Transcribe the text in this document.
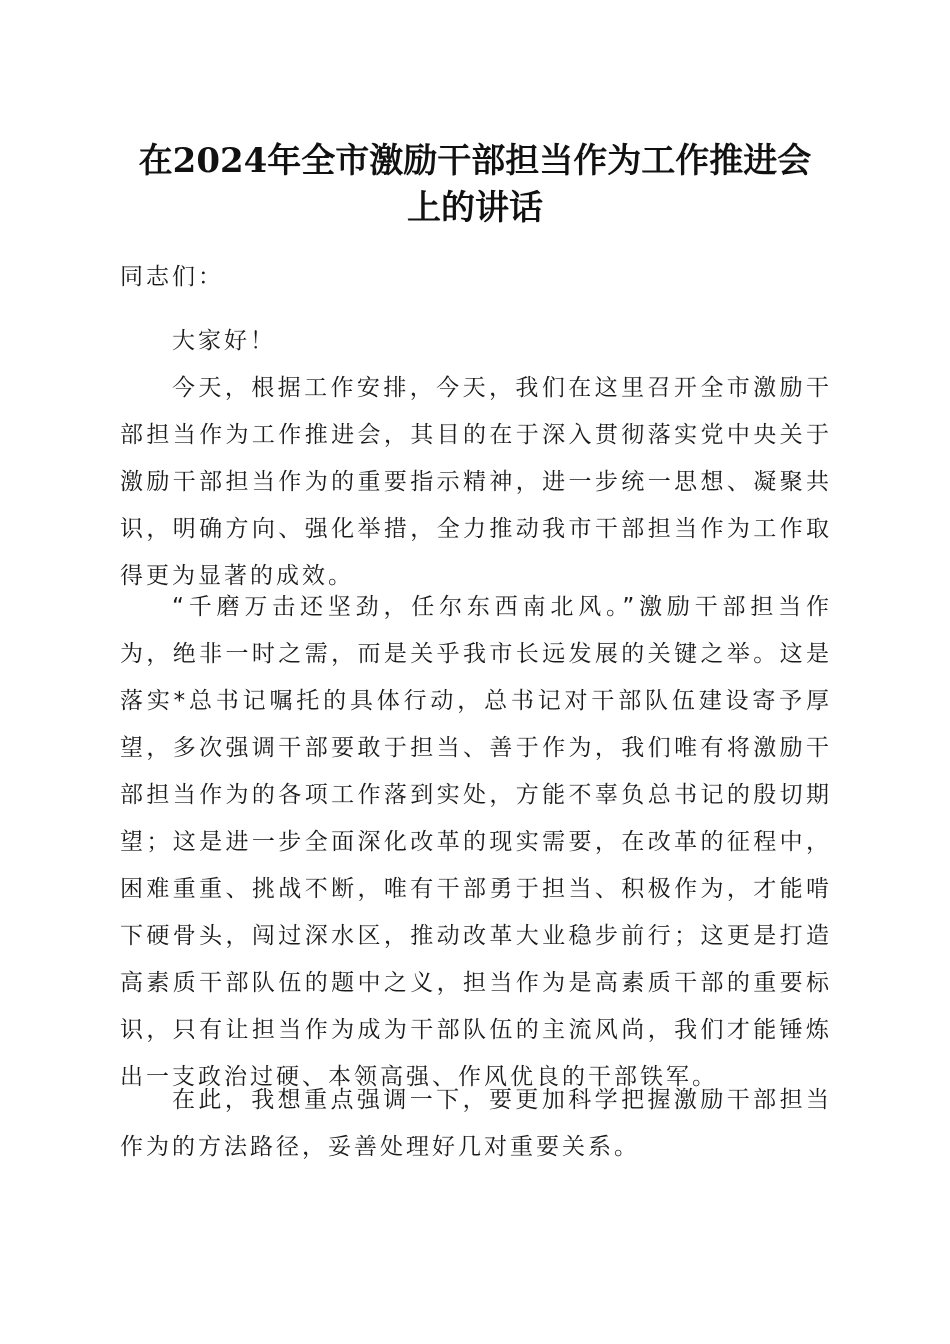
在2024年全市激励干部担当作为工作推进会
上的讲话
同志们：

大家好！

今天，根据工作安排，今天，我们在这里召开全市激励干部担当作为工作推进会，其目的在于深入贯彻落实党中央关于激励干部担当作为的重要指示精神，进一步统一思想、凝聚共识，明确方向、强化举措，全力推动我市干部担当作为工作取得更为显著的成效。

“千磨万击还坚劲，任尔东西南北风。”激励干部担当作为，绝非一时之需，而是关乎我市长远发展的关键之举。这是落实*总书记嘱托的具体行动，总书记对干部队伍建设寄予厚望，多次强调干部要敢于担当、善于作为，我们唯有将激励干部担当作为的各项工作落到实处，方能不辜负总书记的殷切期望；这是进一步全面深化改革的现实需要，在改革的征程中，困难重重、挑战不断，唯有干部勇于担当、积极作为，才能啃下硬骨头，闯过深水区，推动改革大业稳步前行；这更是打造高素质干部队伍的题中之义，担当作为是高素质干部的重要标识，只有让担当作为成为干部队伍的主流风尚，我们才能锤炼出一支政治过硬、本领高强、作风优良的干部铁军。

在此，我想重点强调一下，要更加科学把握激励干部担当作为的方法路径，妥善处理好几对重要关系。
